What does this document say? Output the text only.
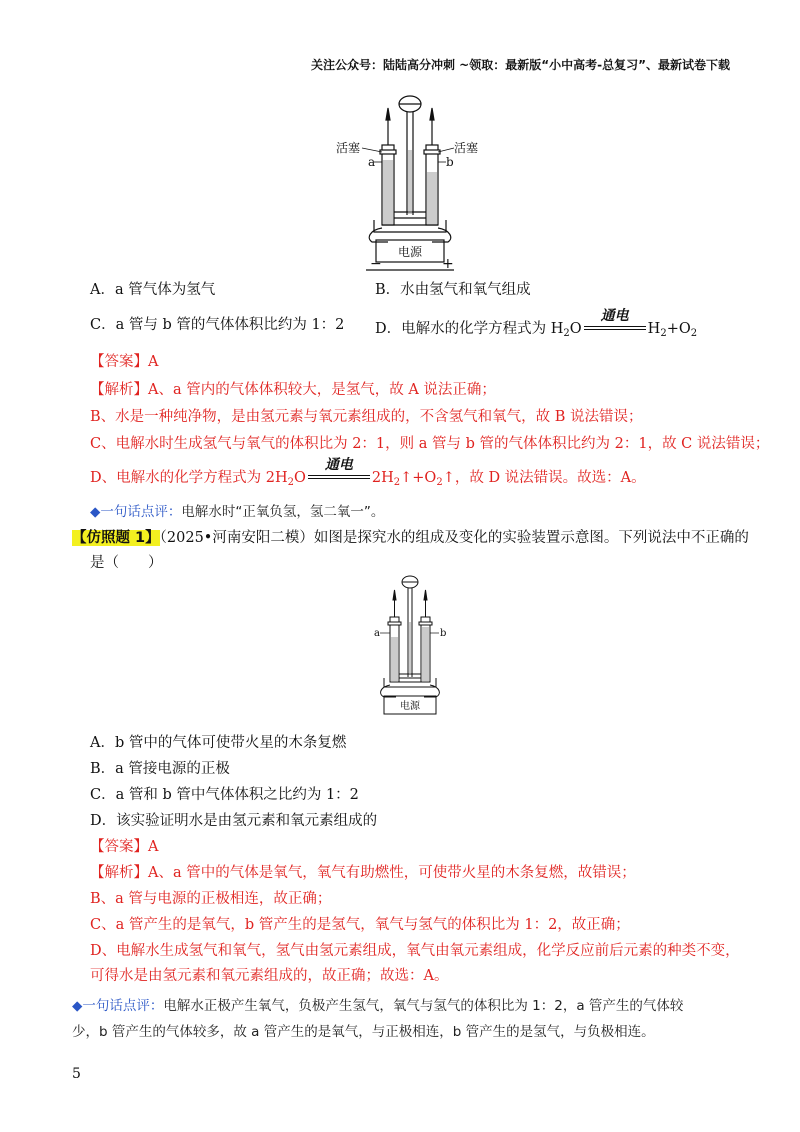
关注公众号：陆陆高分冲刺 ~领取：最新版“小中高考-总复习”、最新试卷下载
活塞	活塞
a	b
电源
−	+
A．a 管气体为氢气	B．水由氢气和氧气组成
C．a 管与 b 管的气体体积比约为 1：2 D．电解水的化学方程式为 $H_2O$
通电
$H_2+O_2$
【答案】A
【解析】A、a 管内的气体体积较大，是氢气，故 A 说法正确；
B、水是一种纯净物，是由氢元素与氧元素组成的，不含氢气和氧气，故 B 说法错误；
C、电解水时生成氢气与氧气的体积比为 2：1，则 a 管与 b 管的气体体积比约为 2：1，故 C 说法错误；
D、电解水的化学方程式为 $2H_2O$
通电
$2H_2↑+O_2↑$，故 D 说法错误。故选：A。
◆一句话点评：电解水时“正氧负氢，氢二氧一”。
【仿照题 1】（2025•河南安阳二模）如图是探究水的组成及变化的实验装置示意图。下列说法中不正确的
是（　　）
a	b
电源
A．b 管中的气体可使带火星的木条复燃
B．a 管接电源的正极
C．a 管和 b 管中气体体积之比约为 1：2
D．该实验证明水是由氢元素和氧元素组成的
【答案】A
【解析】A、a 管中的气体是氧气，氧气有助燃性，可使带火星的木条复燃，故错误；
B、a 管与电源的正极相连，故正确；
C、a 管产生的是氧气，b 管产生的是氢气，氧气与氢气的体积比为 1：2，故正确；
D、电解水生成氢气和氧气，氢气由氢元素组成，氧气由氧元素组成，化学反应前后元素的种类不变，
可得水是由氢元素和氧元素组成的，故正确；故选：A。
◆一句话点评：电解水正极产生氧气，负极产生氢气，氧气与氢气的体积比为 1：2，a 管产生的气体较
少，b 管产生的气体较多，故 a 管产生的是氧气，与正极相连，b 管产生的是氢气，与负极相连。
5
